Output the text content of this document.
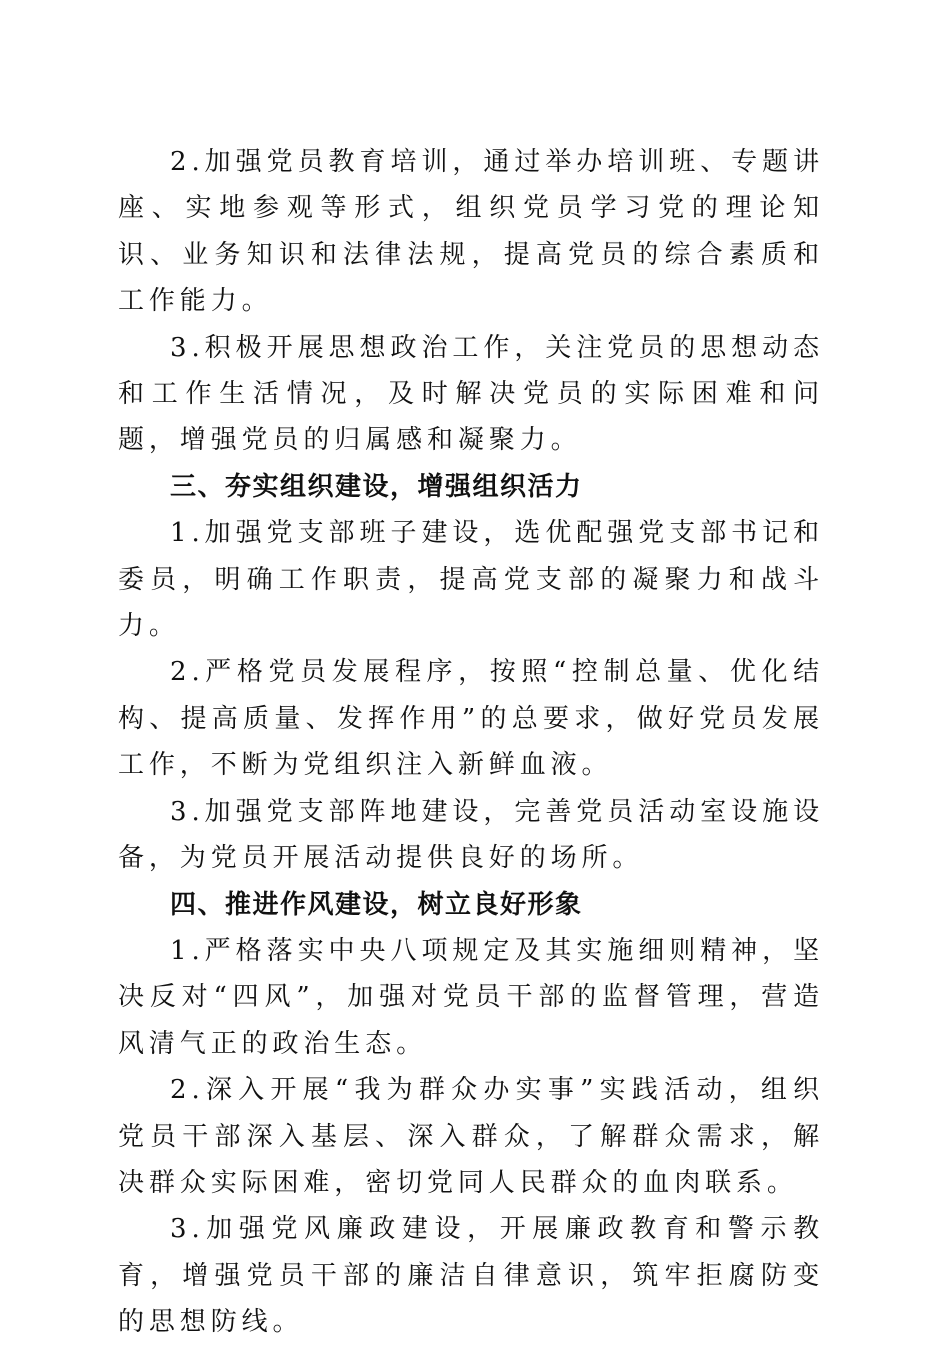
2.加强党员教育培训，通过举办培训班、专题讲座、实地参观等形式，组织党员学习党的理论知识、业务知识和法律法规，提高党员的综合素质和工作能力。

3.积极开展思想政治工作，关注党员的思想动态和工作生活情况，及时解决党员的实际困难和问题，增强党员的归属感和凝聚力。

三、夯实组织建设，增强组织活力

1.加强党支部班子建设，选优配强党支部书记和委员，明确工作职责，提高党支部的凝聚力和战斗力。

2.严格党员发展程序，按照“控制总量、优化结构、提高质量、发挥作用”的总要求，做好党员发展工作，不断为党组织注入新鲜血液。

3.加强党支部阵地建设，完善党员活动室设施设备，为党员开展活动提供良好的场所。

四、推进作风建设，树立良好形象

1.严格落实中央八项规定及其实施细则精神，坚决反对“四风”，加强对党员干部的监督管理，营造风清气正的政治生态。

2.深入开展“我为群众办实事”实践活动，组织党员干部深入基层、深入群众，了解群众需求，解决群众实际困难，密切党同人民群众的血肉联系。

3.加强党风廉政建设，开展廉政教育和警示教育，增强党员干部的廉洁自律意识，筑牢拒腐防变的思想防线。
